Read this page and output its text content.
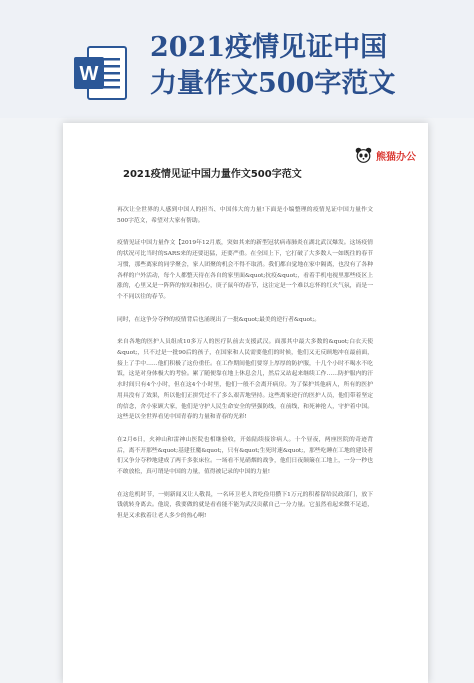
W
2021疫情见证中国
力量作文500字范文
熊猫办公
2021疫情见证中国力量作文500字范文

再次让全世界的人感到中国人的担当、中国伟大的力量!下面是小编整理的疫情见证中国力量作文500字范文，希望对大家有帮助。

疫情见证中国力量作文【2019年12月底，突如其来的新型冠状病毒肺炎在湖北武汉爆发。这场疫情的状况可比当时的SARS来的还要迅猛，还要严重。在全国上下，它打破了大多数人一如既往的春节习惯，那些离家的同学聚会，家人团聚的机会不得不取消。我们都自觉地在家中隔离，也没有了各种各样的户外活动，每个人都整天待在各自的家里面&quot;抗疫&quot;，看着手机电视里那些疫区上涨的，心里又是一阵阵的惊叹和担心，庚子鼠年的春节，这注定是一个难以忘怀的红火气氛，而是一个不同以往的春节。

同时，在这争分夺秒的疫情背后也涌现出了一批&quot;最美的逆行者&quot;。

来自各地的医护人员组成10多万人的医疗队前去支援武汉。面那其中最大多数的&quot;白衣天使&quot;，只不过是一批90后的孩子，在国家和人民需要他们的时候，他们又无反顾地冲在最前面，接上了手中……他们积极了这份重任。在工作期间他们要穿上厚厚的防护服，十几个小时不喝水不吃饭，这是对身体极大的考验。累了随便靠在地上休息会儿，然后又站起来继续工作……防护服内的汗水时间只有4个小时，但在这4个小时里，他们一般不会离开病房。为了保护其他病人，所有的医护用具没有了效果，所以他们正拼凭过不了多么艰苦地坚持。这些离家逆行的医护人员，他们带着坚定的信念，舍小家顾大家，他们是守护人民生命安全的坚强防线，在前线，和死神抢人，守护着中国。这些是以全世界看见中国青春的力量和青春的光彩!

在2月6日，火神山和雷神山医院也相继验收，开始陆续接诊病人。十个昼夜，两座医院的奇迹背后，离不开那些&quot;基建狂魔&quot;，只有&quot;生死时速&quot;，那些吃睡在工地的建设者们又争分夺秒地建成了两千多张床位。一场看不见硝烟的战争，他们日夜颠簸在工地上，一分一秒也不敢放松，真可谓是中国的力量，值得被记录的中国的力量!

在这危机时节，一则新闻又让人敬畏，一名环卫老人省吃俭用攒下1万元的积蓄留给民政部门，放下钱就转身离去。他说，我要做的就是看看能不能为武汉贡献自己一分力量。它虽然看起来微不足道，但是又求救着让老人多少的热心啊!
